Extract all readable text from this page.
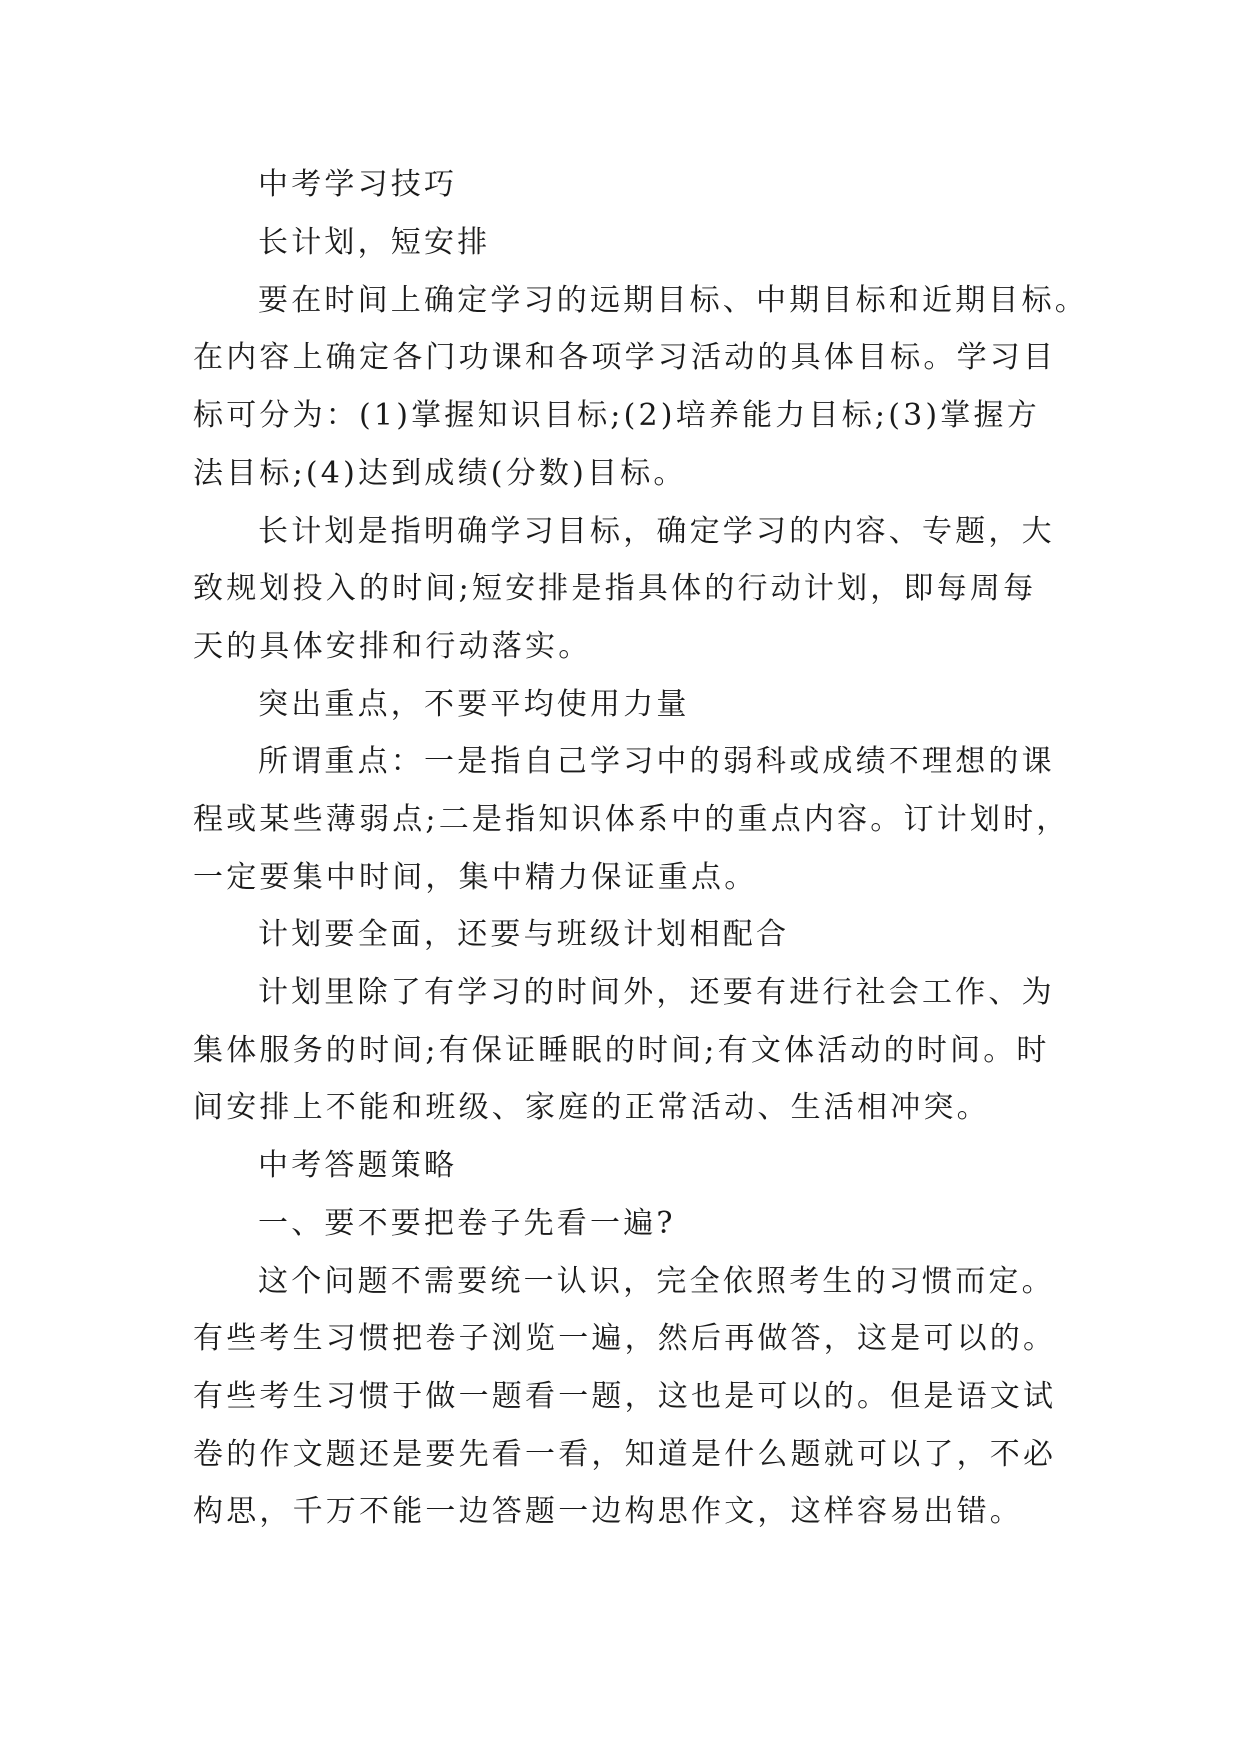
中考学习技巧

长计划，短安排

要在时间上确定学习的远期目标、中期目标和近期目标。

在内容上确定各门功课和各项学习活动的具体目标。学习目

标可分为：(1)掌握知识目标;(2)培养能力目标;(3)掌握方

法目标;(4)达到成绩(分数)目标。

长计划是指明确学习目标，确定学习的内容、专题，大

致规划投入的时间;短安排是指具体的行动计划，即每周每

天的具体安排和行动落实。

突出重点，不要平均使用力量

所谓重点：一是指自己学习中的弱科或成绩不理想的课

程或某些薄弱点;二是指知识体系中的重点内容。订计划时，

一定要集中时间，集中精力保证重点。

计划要全面，还要与班级计划相配合

计划里除了有学习的时间外，还要有进行社会工作、为

集体服务的时间;有保证睡眠的时间;有文体活动的时间。时

间安排上不能和班级、家庭的正常活动、生活相冲突。

中考答题策略

一、要不要把卷子先看一遍?

这个问题不需要统一认识，完全依照考生的习惯而定。

有些考生习惯把卷子浏览一遍，然后再做答，这是可以的。

有些考生习惯于做一题看一题，这也是可以的。但是语文试

卷的作文题还是要先看一看，知道是什么题就可以了，不必

构思，千万不能一边答题一边构思作文，这样容易出错。
